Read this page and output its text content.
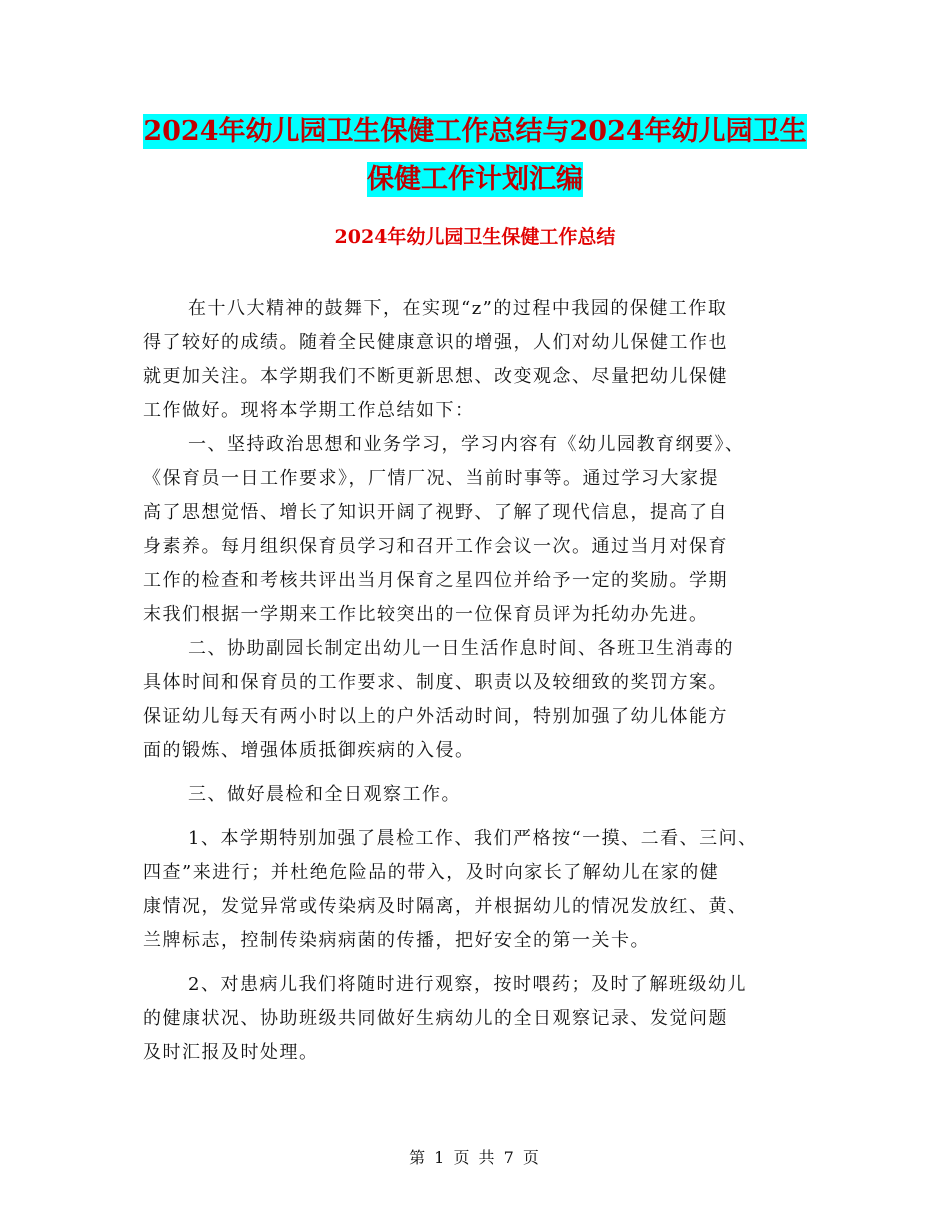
2024年幼儿园卫生保健工作总结与2024年幼儿园卫生
保健工作计划汇编
2024年幼儿园卫生保健工作总结
在十八大精神的鼓舞下，在实现“z”的过程中我园的保健工作取
得了较好的成绩。随着全民健康意识的增强，人们对幼儿保健工作也
就更加关注。本学期我们不断更新思想、改变观念、尽量把幼儿保健
工作做好。现将本学期工作总结如下：
一、坚持政治思想和业务学习，学习内容有《幼儿园教育纲要》、
《保育员一日工作要求》，厂情厂况、当前时事等。通过学习大家提
高了思想觉悟、增长了知识开阔了视野、了解了现代信息，提高了自
身素养。每月组织保育员学习和召开工作会议一次。通过当月对保育
工作的检查和考核共评出当月保育之星四位并给予一定的奖励。学期
末我们根据一学期来工作比较突出的一位保育员评为托幼办先进。
二、协助副园长制定出幼儿一日生活作息时间、各班卫生消毒的
具体时间和保育员的工作要求、制度、职责以及较细致的奖罚方案。
保证幼儿每天有两小时以上的户外活动时间，特别加强了幼儿体能方
面的锻炼、增强体质抵御疾病的入侵。
三、做好晨检和全日观察工作。
1、本学期特别加强了晨检工作、我们严格按“一摸、二看、三问、
四查”来进行；并杜绝危险品的带入，及时向家长了解幼儿在家的健
康情况，发觉异常或传染病及时隔离，并根据幼儿的情况发放红、黄、
兰牌标志，控制传染病病菌的传播，把好安全的第一关卡。
2、对患病儿我们将随时进行观察，按时喂药；及时了解班级幼儿
的健康状况、协助班级共同做好生病幼儿的全日观察记录、发觉问题
及时汇报及时处理。
第 1 页 共 7 页
